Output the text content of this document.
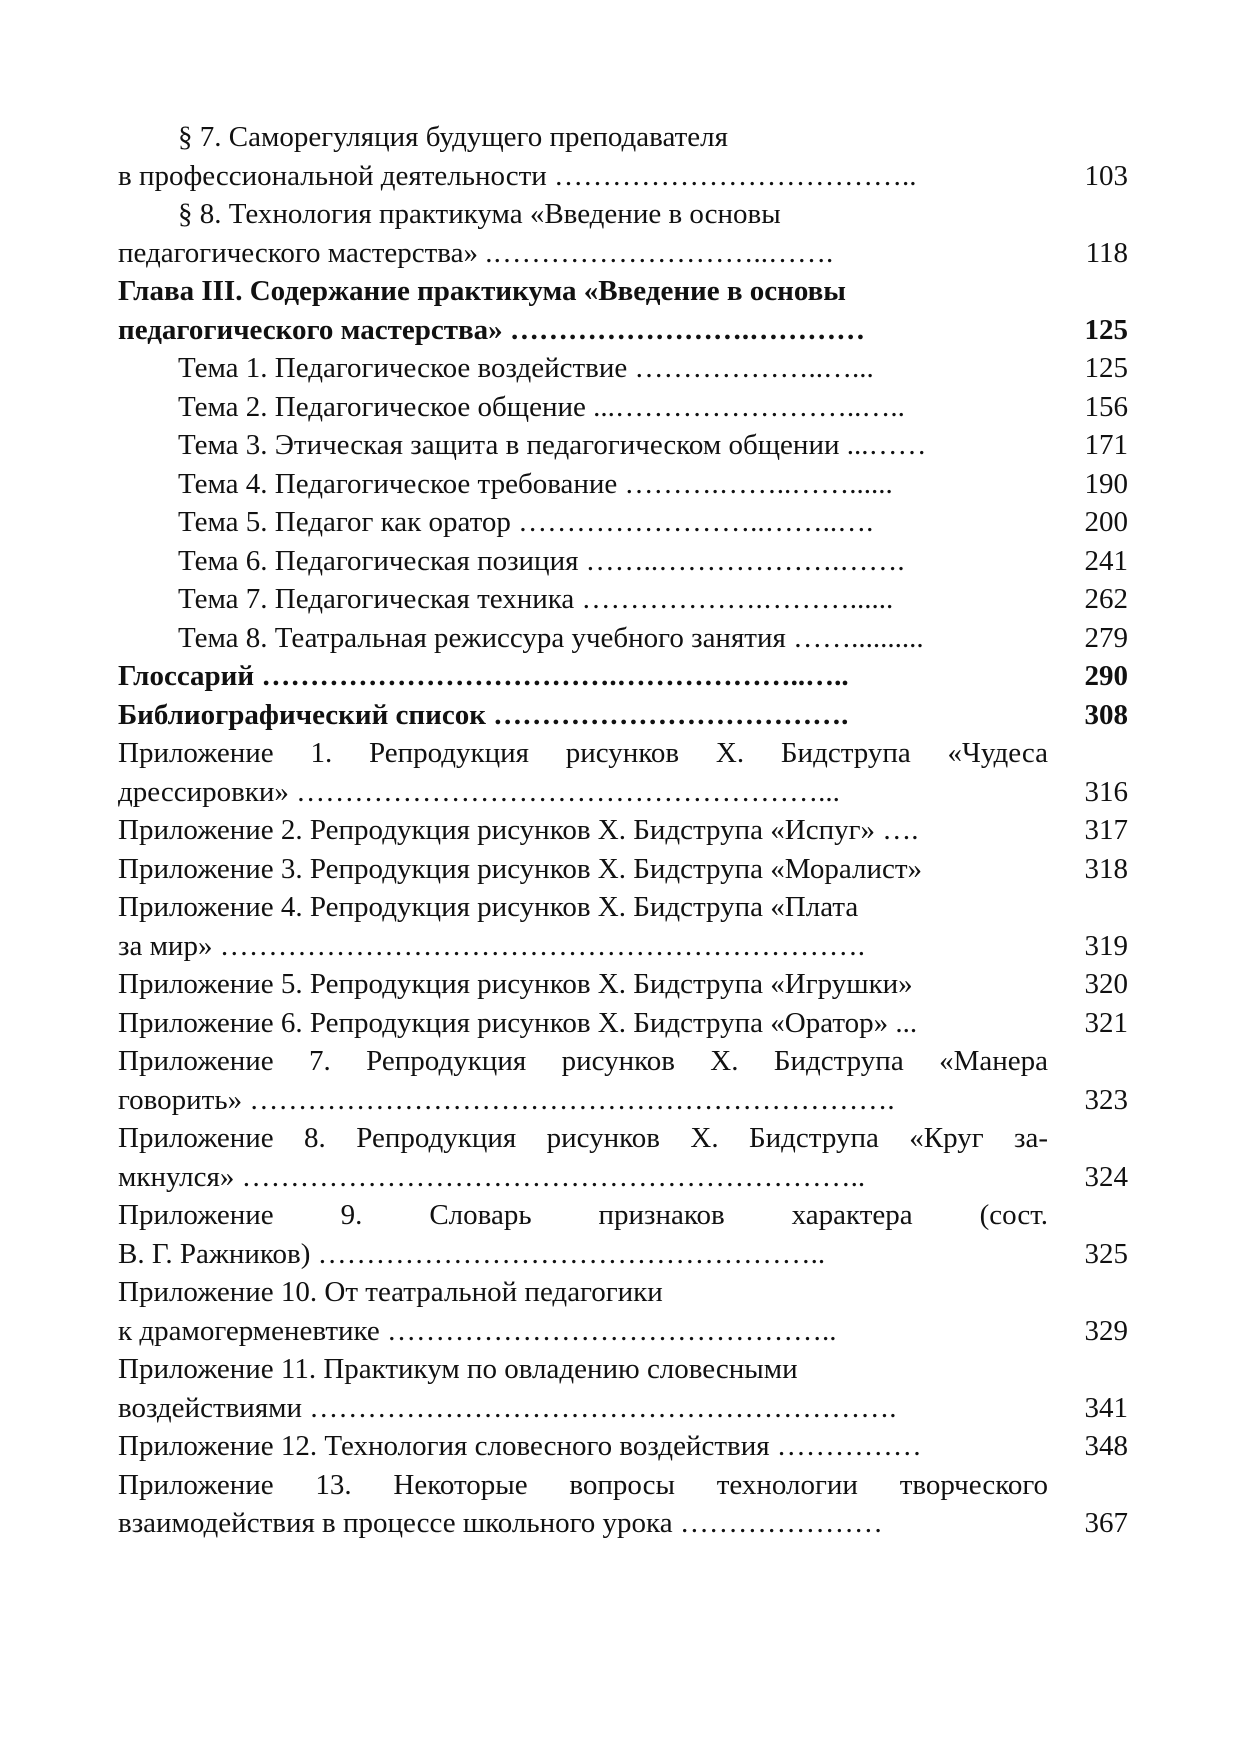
§ 7. Саморегуляция будущего преподавателя
в профессиональной деятельности ………………………………..	103
§ 8. Технология практикума «Введение в основы
педагогического мастерства» .………………………..…….	118
Глава III. Содержание практикума «Введение в основы
педагогического мастерства» …………………….…………	125
Тема 1. Педагогическое воздействие ………………..…...	125
Тема 2. Педагогическое общение ...……………………..…..	156
Тема 3. Этическая защита в педагогическом общении ...……	171
Тема 4. Педагогическое требование ……….……..……......	190
Тема 5. Педагог как оратор ……………………..……..….	200
Тема 6. Педагогическая позиция ……..……………….…….	241
Тема 7. Педагогическая техника ……………….………......	262
Тема 8. Театральная режиссура учебного занятия ……..........	279
Глоссарий ……………………………….………………..…..	290
Библиографический список ……………………………….	308
Приложение 1. Репродукция рисунков Х. Бидструпа «Чудеса
дрессировки» ………………………………………………...	316
Приложение 2. Репродукция рисунков Х. Бидструпа «Испуг» ….	317
Приложение 3. Репродукция рисунков Х. Бидструпа «Моралист»	318
Приложение 4. Репродукция рисунков Х. Бидструпа «Плата
за мир» ………………………………………………………….	319
Приложение 5. Репродукция рисунков Х. Бидструпа «Игрушки»	320
Приложение 6. Репродукция рисунков Х. Бидструпа «Оратор» ...	321
Приложение 7. Репродукция рисунков Х. Бидструпа «Манера
говорить» ………………………………………………………….	323
Приложение 8. Репродукция рисунков Х. Бидструпа «Круг за-
мкнулся» ………………………………………………………..	324
Приложение 9. Словарь признаков характера (сост.
В. Г. Ражников) ……………………………………………..	325
Приложение 10. От театральной педагогики
к драмогерменевтике ………………………………………..	329
Приложение 11. Практикум по овладению словесными
воздействиями …………………………………………………….	341
Приложение 12. Технология словесного воздействия ……………	348
Приложение 13. Некоторые вопросы технологии творческого
взаимодействия в процессе школьного урока …………………	367
